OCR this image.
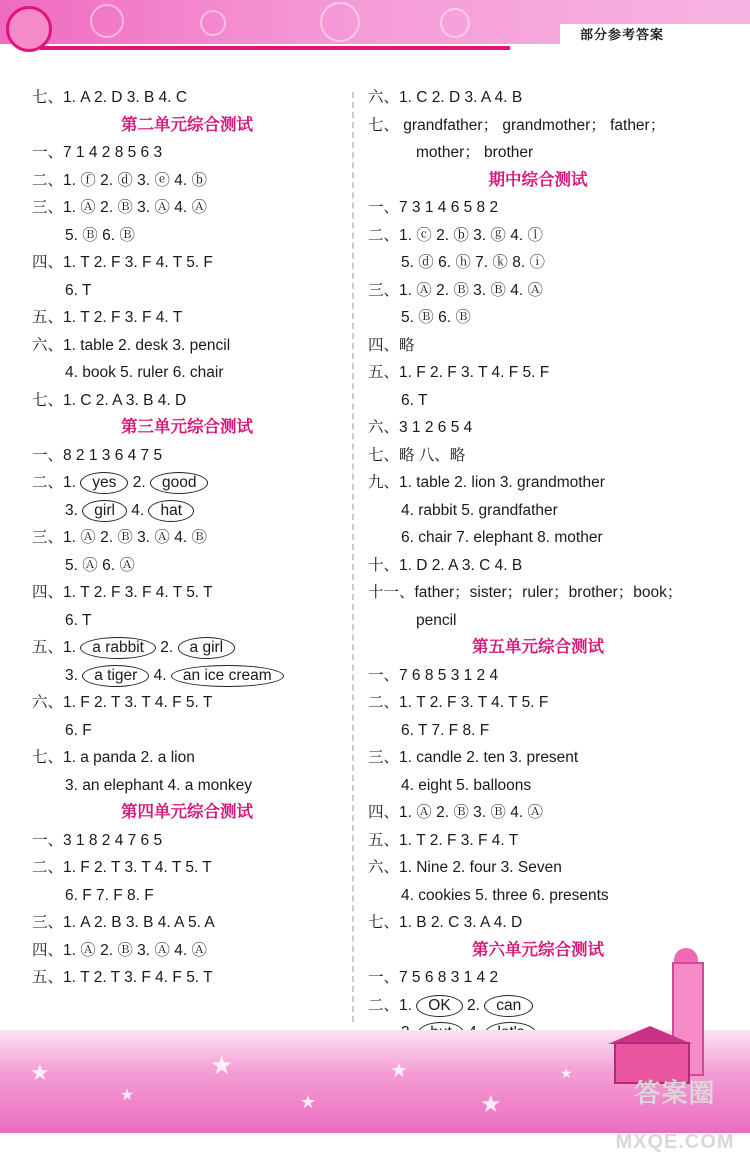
部分参考答案
七、1. A 2. D 3. B 4. C
第二单元综合测试
一、7 1 4 2 8 5 6 3
二、1. ⓕ 2. ⓓ 3. ⓔ 4. ⓑ
三、1. Ⓐ 2. Ⓑ 3. Ⓐ 4. Ⓐ
5. Ⓑ 6. Ⓑ
四、1. T 2. F 3. F 4. T 5. F
6. T
五、1. T 2. F 3. F 4. T
六、1. table 2. desk 3. pencil
4. book 5. ruler 6. chair
七、1. C 2. A 3. B 4. D
第三单元综合测试
一、8 2 1 3 6 4 7 5
二、1. yes 2. good
3. girl 4. hat
三、1. Ⓐ 2. Ⓑ 3. Ⓐ 4. Ⓑ
5. Ⓐ 6. Ⓐ
四、1. T 2. F 3. F 4. T 5. T
6. T
五、1. a rabbit 2. a girl
3. a tiger 4. an ice cream
六、1. F 2. T 3. T 4. F 5. T
6. F
七、1. a panda 2. a lion
3. an elephant 4. a monkey
第四单元综合测试
一、3 1 8 2 4 7 6 5
二、1. F 2. T 3. T 4. T 5. T
6. F 7. F 8. F
三、1. A 2. B 3. B 4. A 5. A
四、1. Ⓐ 2. Ⓑ 3. Ⓐ 4. Ⓐ
五、1. T 2. T 3. F 4. F 5. T
六、1. C 2. D 3. A 4. B
七、 grandfather； grandmother； father；
mother； brother
期中综合测试
一、7 3 1 4 6 5 8 2
二、1. ⓒ 2. ⓑ 3. ⓖ 4. ⓛ
5. ⓓ 6. ⓗ 7. ⓚ 8. ⓘ
三、1. Ⓐ 2. Ⓑ 3. Ⓑ 4. Ⓐ
5. Ⓑ 6. Ⓑ
四、略
五、1. F 2. F 3. T 4. F 5. F
6. T
六、3 1 2 6 5 4
七、略 八、略
九、1. table 2. lion 3. grandmother
4. rabbit 5. grandfather
6. chair 7. elephant 8. mother
十、1. D 2. A 3. C 4. B
十一、father；sister；ruler；brother；book；
pencil
第五单元综合测试
一、7 6 8 5 3 1 2 4
二、1. T 2. F 3. T 4. T 5. F
6. T 7. F 8. F
三、1. candle 2. ten 3. present
4. eight 5. balloons
四、1. Ⓐ 2. Ⓑ 3. Ⓑ 4. Ⓐ
五、1. T 2. F 3. F 4. T
六、1. Nine 2. four 3. Seven
4. cookies 5. three 6. presents
七、1. B 2. C 3. A 4. D
第六单元综合测试
一、7 5 6 8 3 1 4 2
二、1. OK 2. can

★
★
★
★
★
★
★
答案圈
MXQE.COM
